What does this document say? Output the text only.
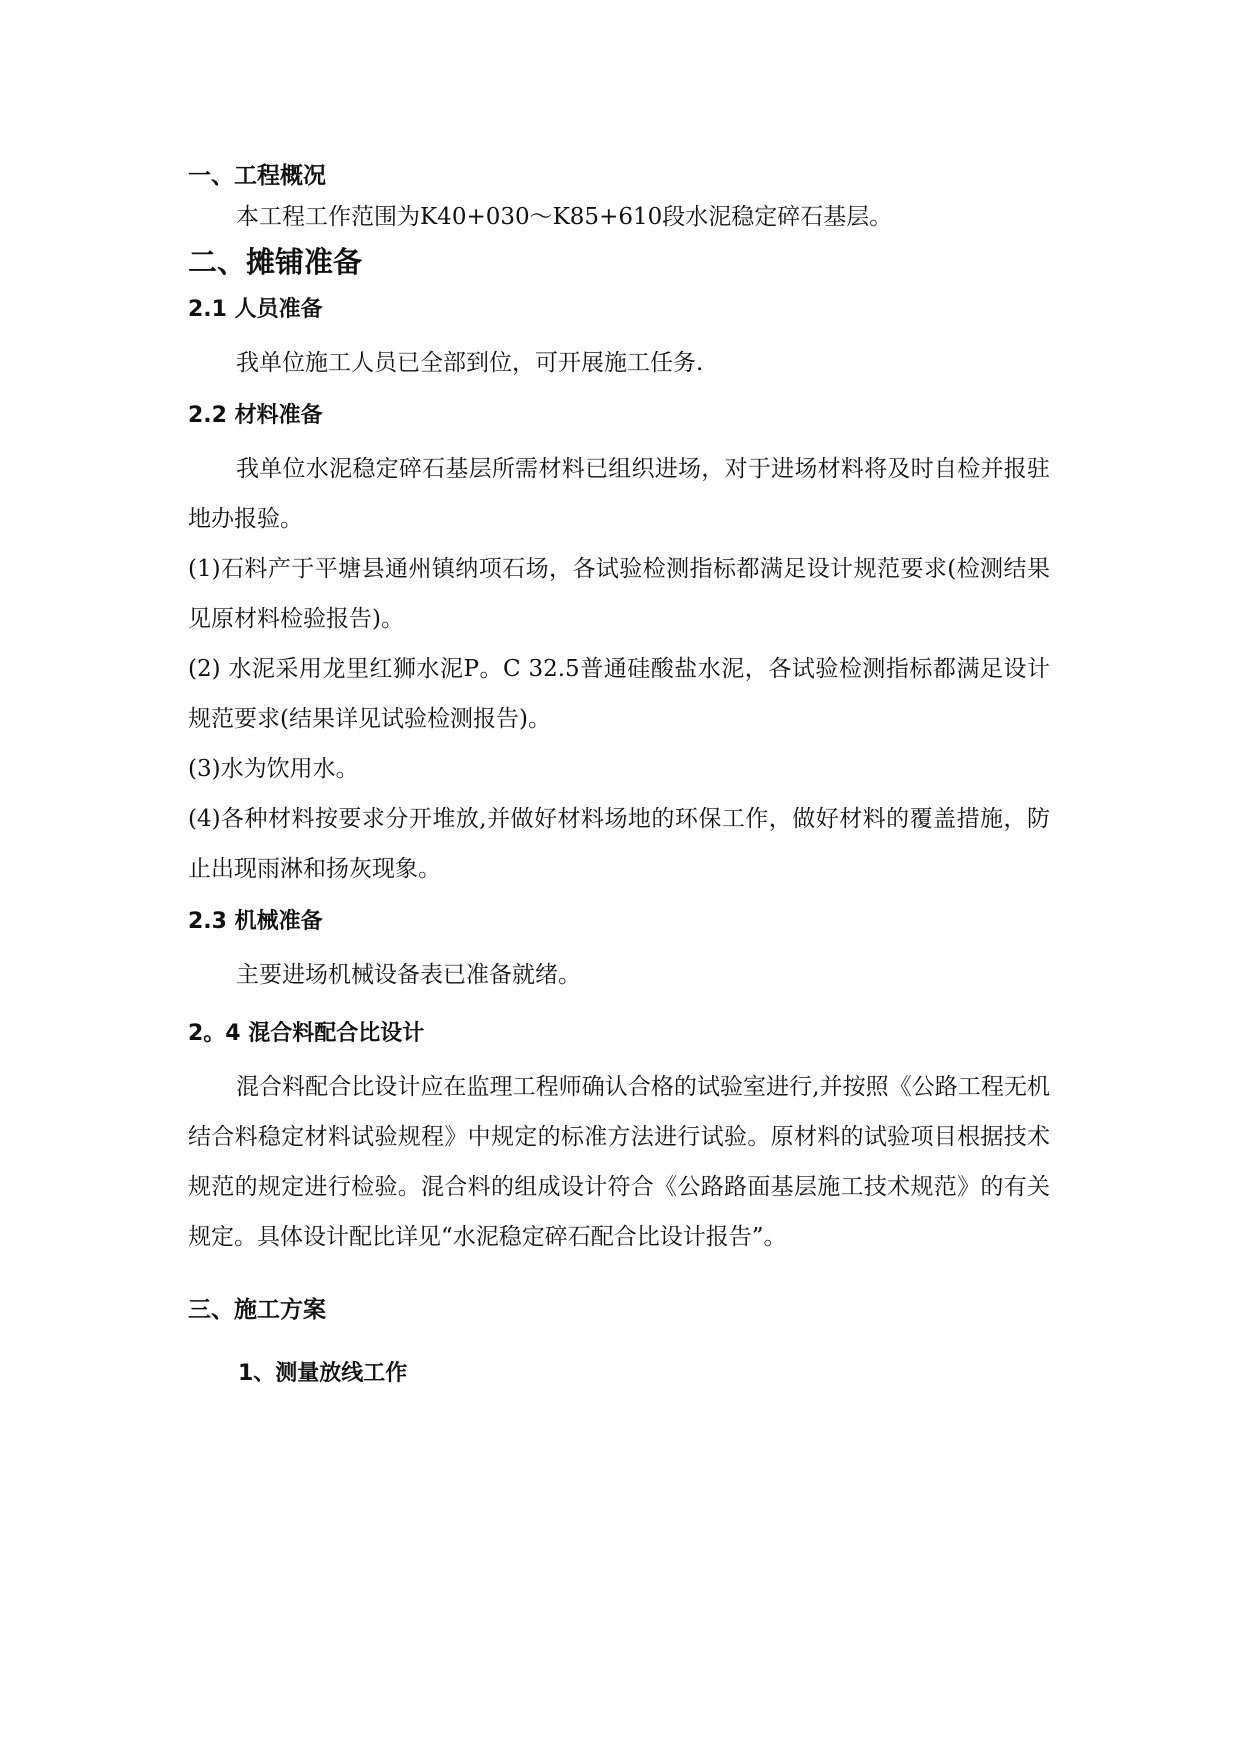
一、工程概况
本工程工作范围为K40+030～K85+610段水泥稳定碎石基层。
二、摊铺准备
2.1 人员准备
我单位施工人员已全部到位，可开展施工任务.
2.2 材料准备
我单位水泥稳定碎石基层所需材料已组织进场，对于进场材料将及时自检并报驻地办报验。
(1)石料产于平塘县通州镇纳项石场，各试验检测指标都满足设计规范要求(检测结果见原材料检验报告)。
(2) 水泥采用龙里红狮水泥P。C 32.5普通硅酸盐水泥，各试验检测指标都满足设计规范要求(结果详见试验检测报告)。
(3)水为饮用水。
(4)各种材料按要求分开堆放,并做好材料场地的环保工作，做好材料的覆盖措施，防止出现雨淋和扬灰现象。
2.3 机械准备
主要进场机械设备表已准备就绪。
2。4 混合料配合比设计
混合料配合比设计应在监理工程师确认合格的试验室进行,并按照《公路工程无机结合料稳定材料试验规程》中规定的标准方法进行试验。原材料的试验项目根据技术规范的规定进行检验。混合料的组成设计符合《公路路面基层施工技术规范》的有关规定。具体设计配比详见“水泥稳定碎石配合比设计报告”。
三、施工方案
1、测量放线工作
